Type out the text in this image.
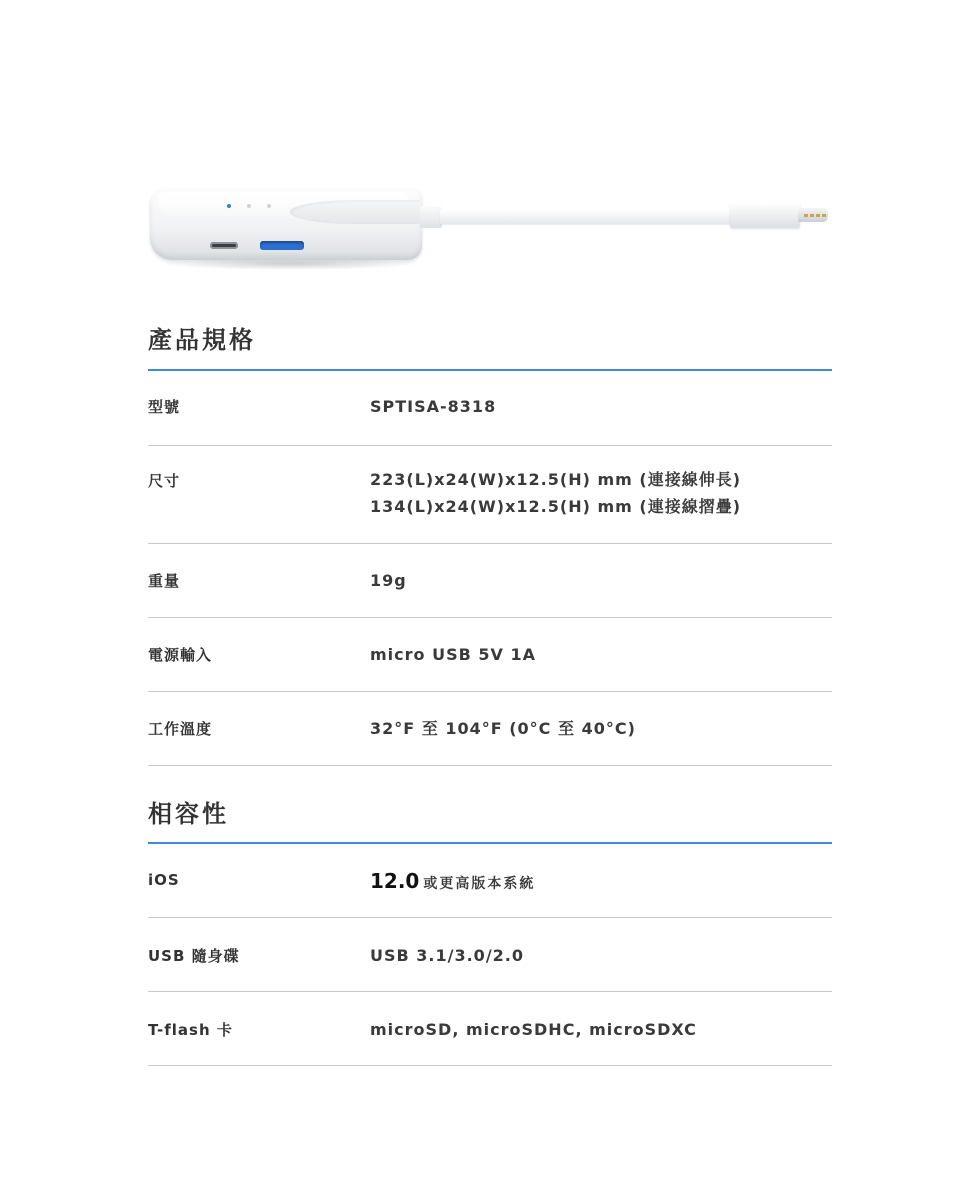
產品規格
型號	SPTISA-8318
尺寸	223(L)x24(W)x12.5(H) mm (連接線伸長)
134(L)x24(W)x12.5(H) mm (連接線摺疊)
重量	19g
電源輸入	micro USB 5V 1A
工作溫度	32°F 至 104°F (0°C 至 40°C)
相容性
iOS	12.0 或更高版本系統
USB 隨身碟	USB 3.1/3.0/2.0
T-flash 卡	microSD, microSDHC, microSDXC
